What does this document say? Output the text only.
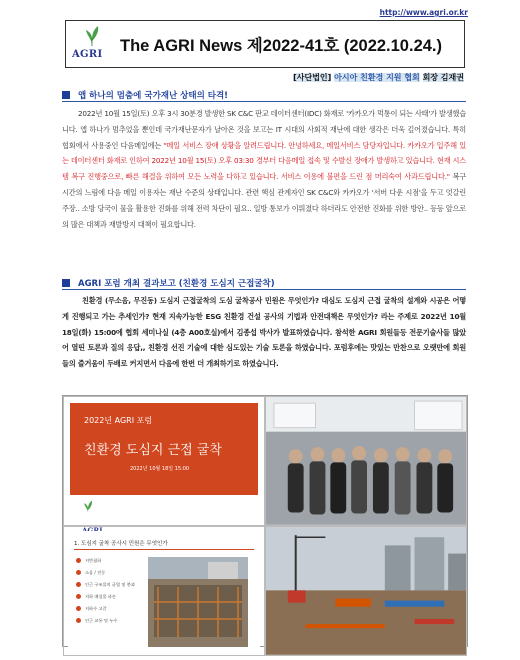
http://www.agri.or.kr
AGRI The AGRI News 제2022-41호 (2022.10.24.)
[사단법인] 아시아 친환경 지원 협회 회장 김재권
앱 하나의 멈춤에 국가재난 상태의 타격!
2022년 10월 15일(토) 오후 3시 30분경 발생한 SK C&C 판교 데이터센터(IDC) 화재로 '카카오가 먹통이 되는 사태'가 발생했습니다. 앱 하나가 멈추었을 뿐인데 국가재난문자가 날아온 것을 보고는 IT 시대의 사회적 재난에 대한 생각은 더욱 깊어졌습니다. 특히 협회에서 사용중인 다음메일에는 "메일 서비스 장애 상황을 알려드립니다. 안녕하세요, 메일서비스 담당자입니다. 카카오가 입주해 있는 데이터센터 화재로 인하여 2022년 10월 15(토) 오후 03:30 경부터 다음메일 접속 및 수발신 장애가 발생하고 있습니다. 현재 시스템 복구 진행중으로, 빠른 해결을 위하여 모든 노력을 다하고 있습니다. 서비스 이용에 불편을 드린 점 머리숙여 사과드립니다." 복구 시간의 느림에 다음 메일 이용자는 재난 수준의 상태입니다. 관련 핵심 관계자인 SK C&C와 카카오가 '서버 다운 시점'을 두고 엇갈린 주장.. 소방 당국이 물을 활용한 진화를 위해 전력 차단이 필요.. 일방 통보가 이뤄졌다 하더라도 안전한 진화를 위한 방안.. 등등 앞으로의 많은 대책과 재발방지 대책이 필요합니다.
AGRI 포럼 개최 결과보고 (친환경 도심지 근접굴착)
친환경 (무소음, 무진동) 도심지 근접굴착의 도심 굴착공사 민원은 무엇인가? 대심도 도심지 근접 굴착의 설계와 시공은 어떻게 진행되고 가는 추세인가? 현재 지속가능한 ESG 친환경 건설 공사의 기법과 안전대책은 무엇인가? 라는 주제로 2022년 10월 18일(화) 15:00에 협회 세미나실 (4층 A00호실)에서 김종섭 박사가 발표하였습니다. 참석한 AGRI 회원들등 전문기술사들 많았어 열띤 토론과 질의 응답,, 친환경 선진 기술에 대한 심도있는 기술 토론을 하였습니다. 포럼후에는 맛있는 만찬으로 오랫만에 회원들의 즐거움이 두배로 커지면서 다음에 한번 더 개최하기로 하였습니다.
2022년 AGRI 포럼
친환경 도심지 근접 굴착
2022년 10월 18일 15:00

1. 도심지 굴착 공사시 민원은 무엇인가
지반침하
소음 / 진동
인근 구조물의 균열 및 붕괴
지하 매설물 파손
지하수 고갈
인근 교통 및 누수
